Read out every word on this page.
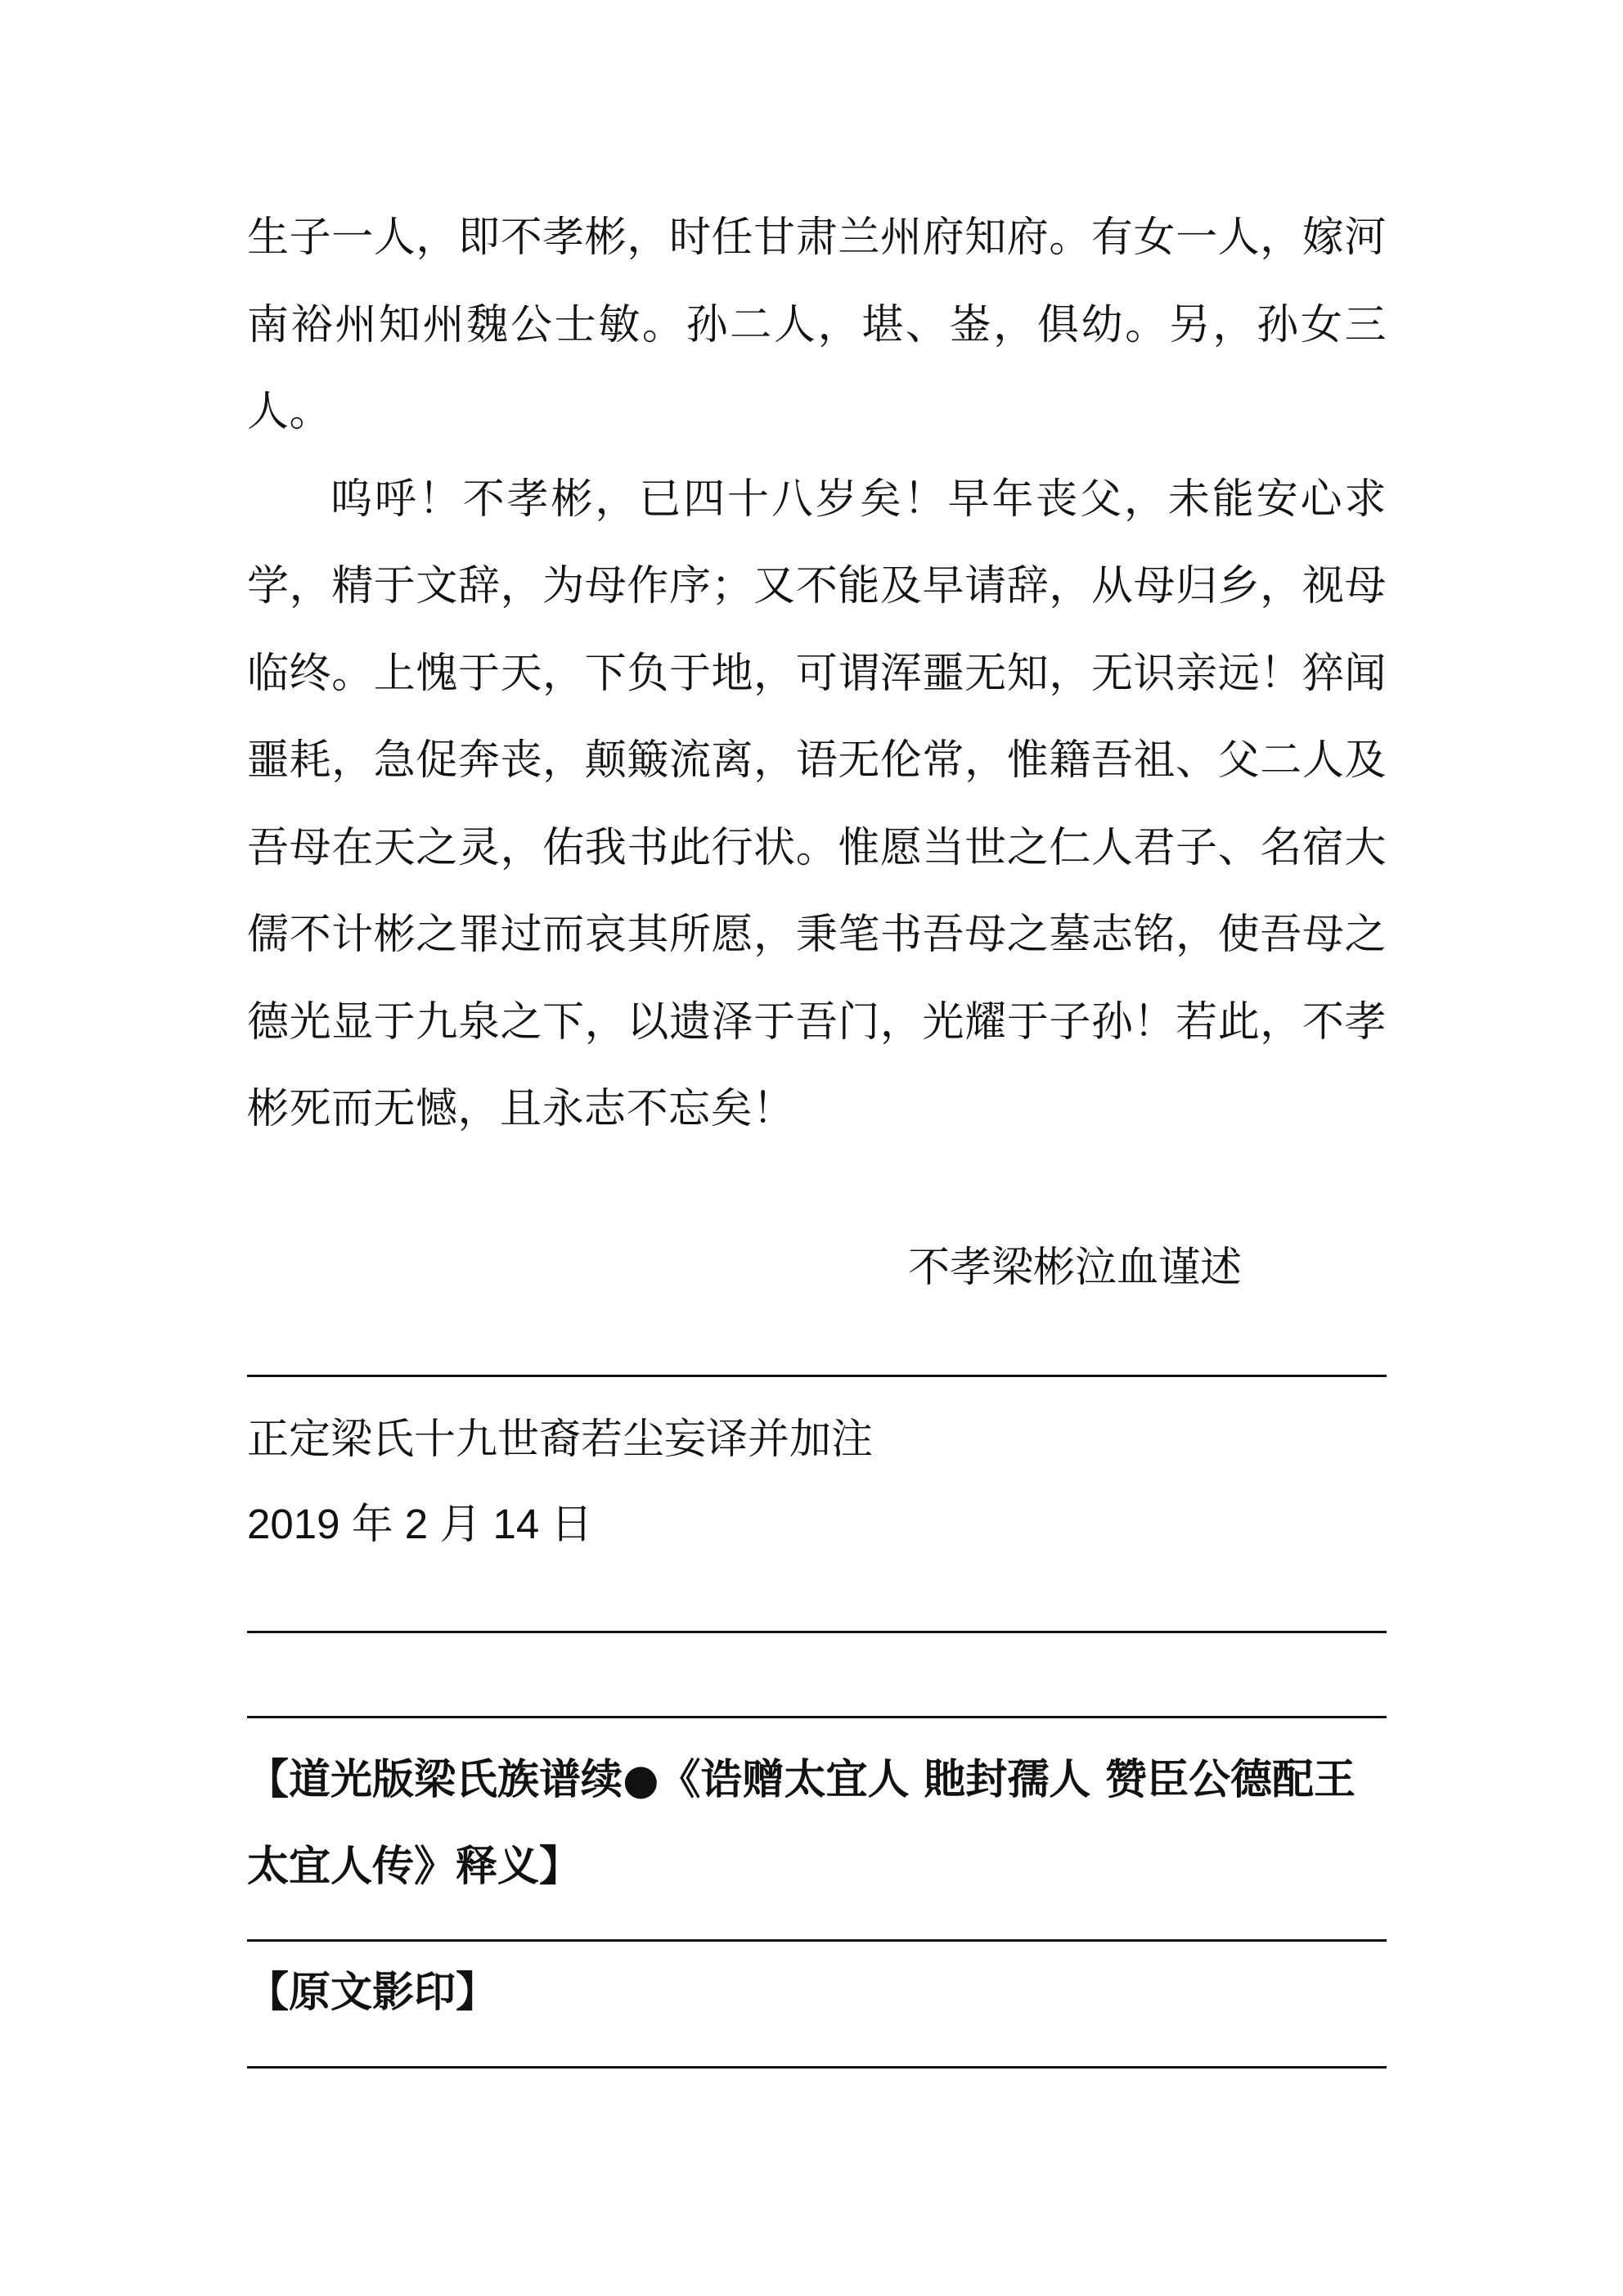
生子一人，即不孝彬，时任甘肃兰州府知府。有女一人，嫁河南裕州知州魏公士敏。孙二人，堪、崟，俱幼。另，孙女三人。

呜呼！不孝彬，已四十八岁矣！早年丧父，未能安心求学，精于文辞，为母作序；又不能及早请辞，从母归乡，视母临终。上愧于天，下负于地，可谓浑噩无知，无识亲远！猝闻噩耗，急促奔丧，颠簸流离，语无伦常，惟籍吾祖、父二人及吾母在天之灵，佑我书此行状。惟愿当世之仁人君子、名宿大儒不计彬之罪过而哀其所愿，秉笔书吾母之墓志铭，使吾母之德光显于九泉之下，以遗泽于吾门，光耀于子孙！若此，不孝彬死而无憾，且永志不忘矣！

不孝梁彬泣血谨述
正定梁氏十九世裔若尘妄译并加注
2019 年 2 月 14 日
【道光版梁氏族谱续●《诰赠太宜人 貤封孺人 赞臣公德配王太宜人传》释义】
【原文影印】
